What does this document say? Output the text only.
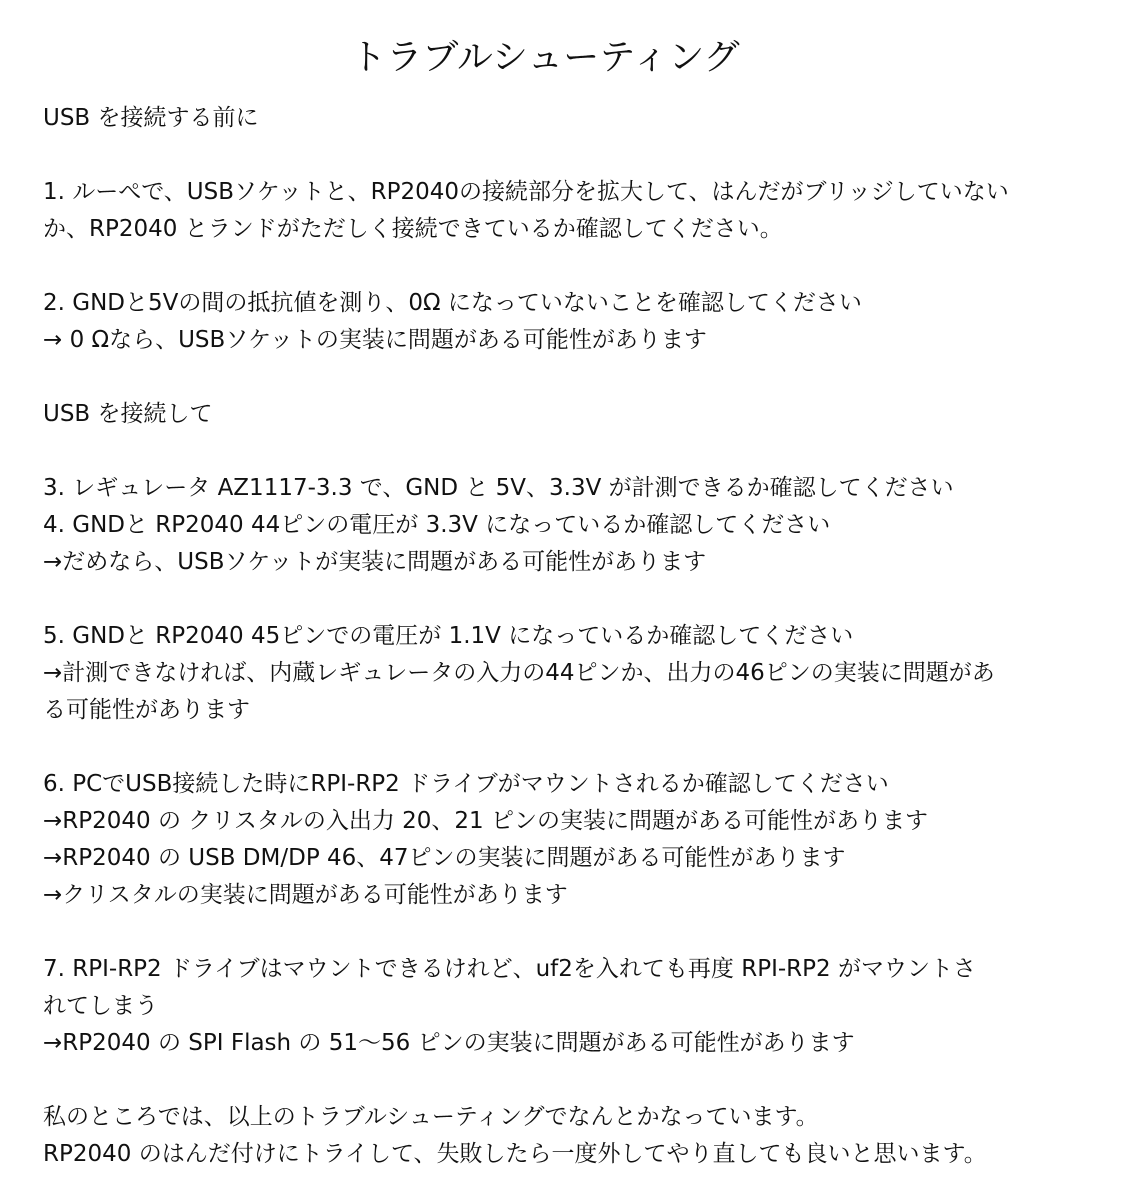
トラブルシューティング
USB を接続する前に
1. ルーぺで、USBソケットと、RP2040の接続部分を拡大して、はんだがブリッジしていない
か、RP2040 とランドがただしく接続できているか確認してください。
2. GNDと5Vの間の抵抗値を測り、0Ω になっていないことを確認してください
→ 0 Ωなら、USBソケットの実装に問題がある可能性があります
USB を接続して
3. レギュレータ AZ1117-3.3 で、GND と 5V、3.3V が計測できるか確認してください
4. GNDと RP2040 44ピンの電圧が 3.3V になっているか確認してください
→だめなら、USBソケットが実装に問題がある可能性があります
5. GNDと RP2040 45ピンでの電圧が 1.1V になっているか確認してください
→計測できなければ、内蔵レギュレータの入力の44ピンか、出力の46ピンの実装に問題があ
る可能性があります
6. PCでUSB接続した時にRPI-RP2 ドライブがマウントされるか確認してください
→RP2040 の クリスタルの入出力 20、21 ピンの実装に問題がある可能性があります
→RP2040 の USB DM/DP 46、47ピンの実装に問題がある可能性があります
→クリスタルの実装に問題がある可能性があります
7. RPI-RP2 ドライブはマウントできるけれど、uf2を入れても再度 RPI-RP2 がマウントさ
れてしまう
→RP2040 の SPI Flash の 51〜56 ピンの実装に問題がある可能性があります
私のところでは、以上のトラブルシューティングでなんとかなっています。
RP2040 のはんだ付けにトライして、失敗したら一度外してやり直しても良いと思います。
